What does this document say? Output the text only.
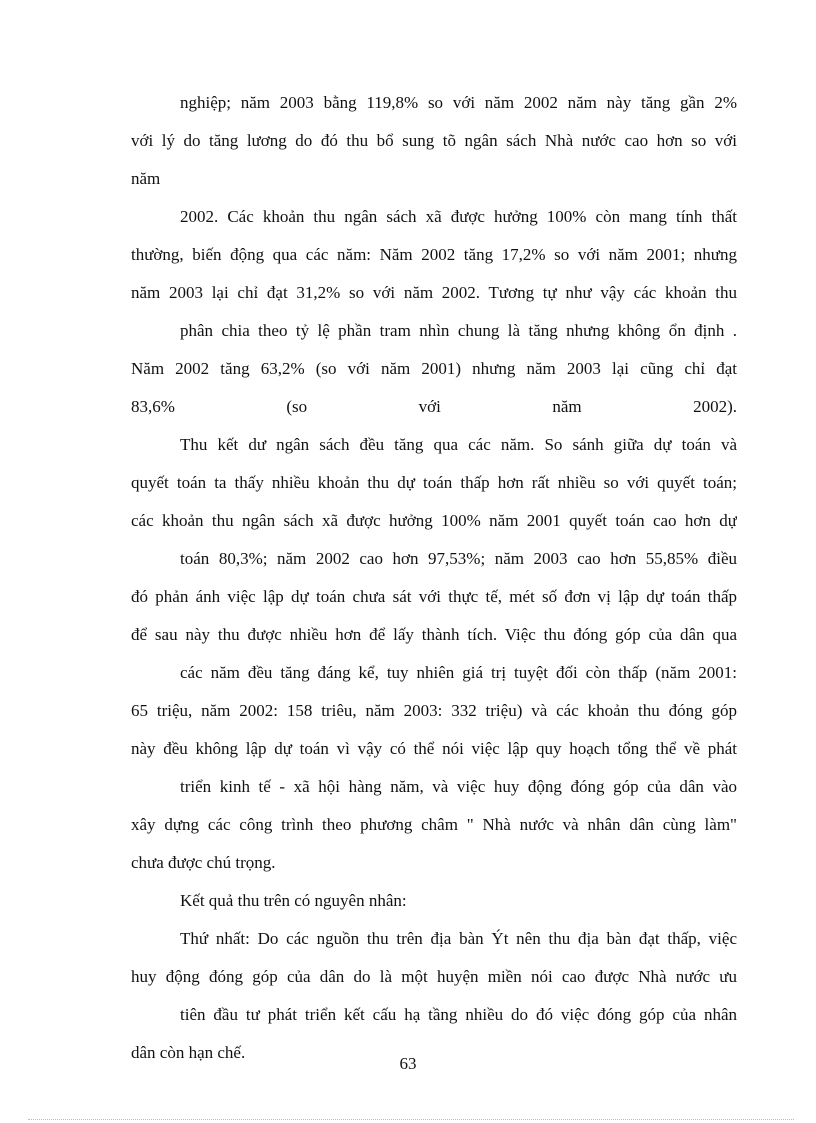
nghiệp; năm 2003 bằng 119,8% so với năm 2002 năm này tăng gần 2%
với lý do tăng lương do đó thu bổ sung tõ ngân sách Nhà nước cao hơn so với
năm
2002. Các khoản thu ngân sách xã được hưởng 100% còn mang tính thất
thường, biến động qua các năm: Năm 2002 tăng 17,2% so với năm 2001; nhưng
năm 2003 lại chỉ đạt 31,2% so với năm 2002. Tương tự như vậy các khoản thu
phân chia theo tỷ lệ phần tram nhìn chung là tăng nhưng không ổn định .
Năm 2002 tăng 63,2% (so với năm 2001) nhưng năm 2003 lại cũng chỉ đạt
83,6% (so với năm 2002).
Thu kết dư ngân sách đều tăng qua các năm. So sánh giữa dự toán và
quyết toán ta thấy nhiều khoản thu dự toán thấp hơn rất nhiều so với quyết toán;
các khoản thu ngân sách xã được hưởng 100% năm 2001 quyết toán cao hơn dự
toán 80,3%; năm 2002 cao hơn 97,53%; năm 2003 cao hơn 55,85% điều
đó phản ánh việc lập dự toán chưa sát với thực tế, mét số đơn vị lập dự toán thấp
để sau này thu được nhiều hơn để lấy thành tích. Việc thu đóng góp của dân qua
các năm đều tăng đáng kể, tuy nhiên giá trị tuyệt đối còn thấp (năm 2001:
65 triệu, năm 2002: 158 triêu, năm 2003: 332 triệu) và các khoản thu đóng góp
này đều không lập dự toán vì vậy có thể nói việc lập quy hoạch tổng thể về phát
triển kinh tế - xã hội hàng năm, và việc huy động đóng góp của dân vào
xây dựng các công trình theo phương châm " Nhà nước và nhân dân cùng làm"
chưa được chú trọng.
Kết quả thu trên có nguyên nhân:
Thứ nhất: Do các nguồn thu trên địa bàn Ýt nên thu địa bàn đạt thấp, việc
huy động đóng góp của dân do là một huyện miền nói cao được Nhà nước ưu
tiên đầu tư phát triển kết cấu hạ tầng nhiều do đó việc đóng góp của nhân
dân còn hạn chế.
63
